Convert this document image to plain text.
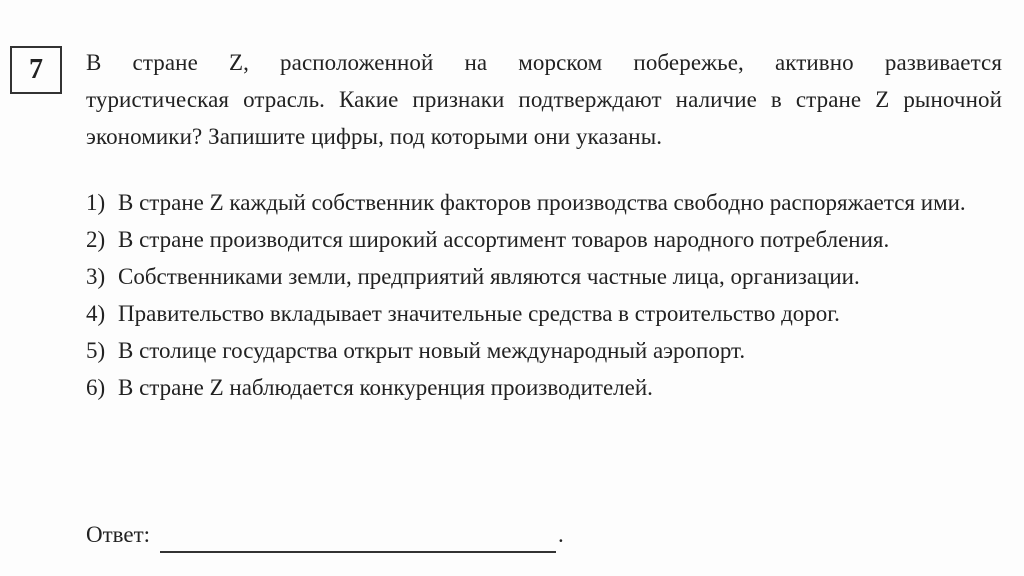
7 В стране Z, расположенной на морском побережье, активно развивается
туристическая отрасль. Какие признаки подтверждают наличие в стране Z рыночной
экономики? Запишите цифры, под которыми они указаны.
1) В стране Z каждый собственник факторов производства свободно распоряжается ими.
2) В стране производится широкий ассортимент товаров народного потребления.
3) Собственниками земли, предприятий являются частные лица, организации.
4) Правительство вкладывает значительные средства в строительство дорог.
5) В столице государства открыт новый международный аэропорт.
6) В стране Z наблюдается конкуренция производителей.
Ответ:	.
